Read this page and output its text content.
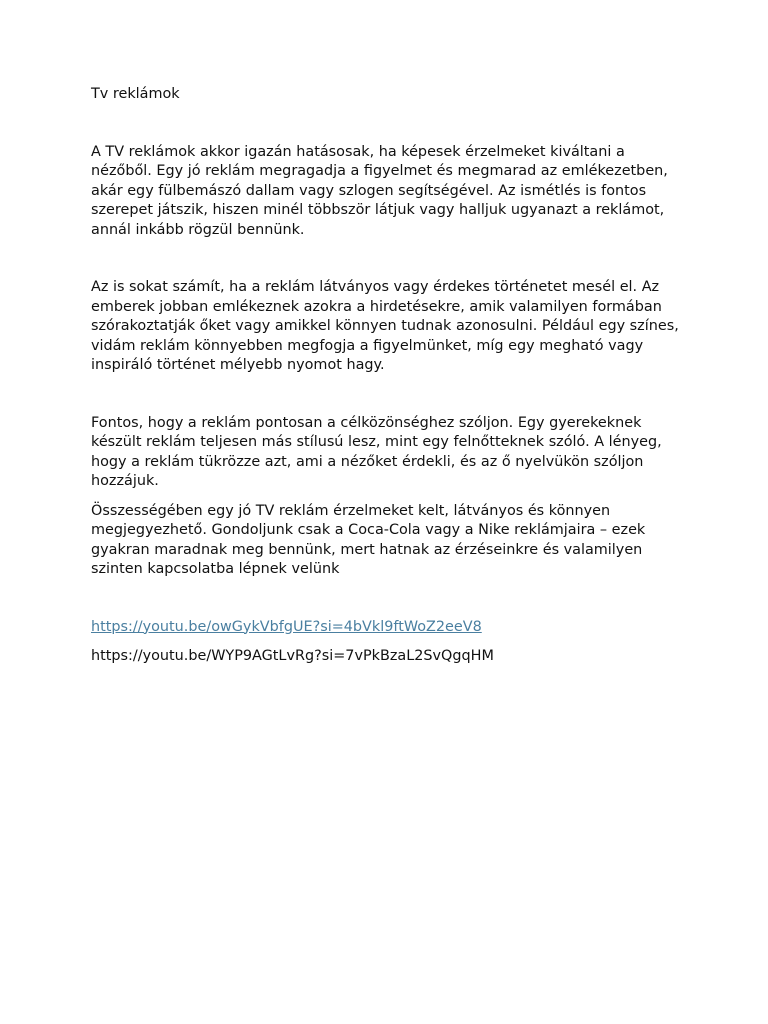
Tv reklámok

A TV reklámok akkor igazán hatásosak, ha képesek érzelmeket kiváltani a nézőből. Egy jó reklám megragadja a figyelmet és megmarad az emlékezetben, akár egy fülbemászó dallam vagy szlogen segítségével. Az ismétlés is fontos szerepet játszik, hiszen minél többször látjuk vagy halljuk ugyanazt a reklámot, annál inkább rögzül bennünk.

Az is sokat számít, ha a reklám látványos vagy érdekes történetet mesél el. Az emberek jobban emlékeznek azokra a hirdetésekre, amik valamilyen formában szórakoztatják őket vagy amikkel könnyen tudnak azonosulni. Például egy színes, vidám reklám könnyebben megfogja a figyelmünket, míg egy megható vagy inspiráló történet mélyebb nyomot hagy.

Fontos, hogy a reklám pontosan a célközönséghez szóljon. Egy gyerekeknek készült reklám teljesen más stílusú lesz, mint egy felnőtteknek szóló. A lényeg, hogy a reklám tükrözze azt, ami a nézőket érdekli, és az ő nyelvükön szóljon hozzájuk.

Összességében egy jó TV reklám érzelmeket kelt, látványos és könnyen megjegyezhető. Gondoljunk csak a Coca-Cola vagy a Nike reklámjaira – ezek gyakran maradnak meg bennünk, mert hatnak az érzéseinkre és valamilyen szinten kapcsolatba lépnek velünk

https://youtu.be/owGykVbfgUE?si=4bVkl9ftWoZ2eeV8

https://youtu.be/WYP9AGtLvRg?si=7vPkBzaL2SvQgqHM
